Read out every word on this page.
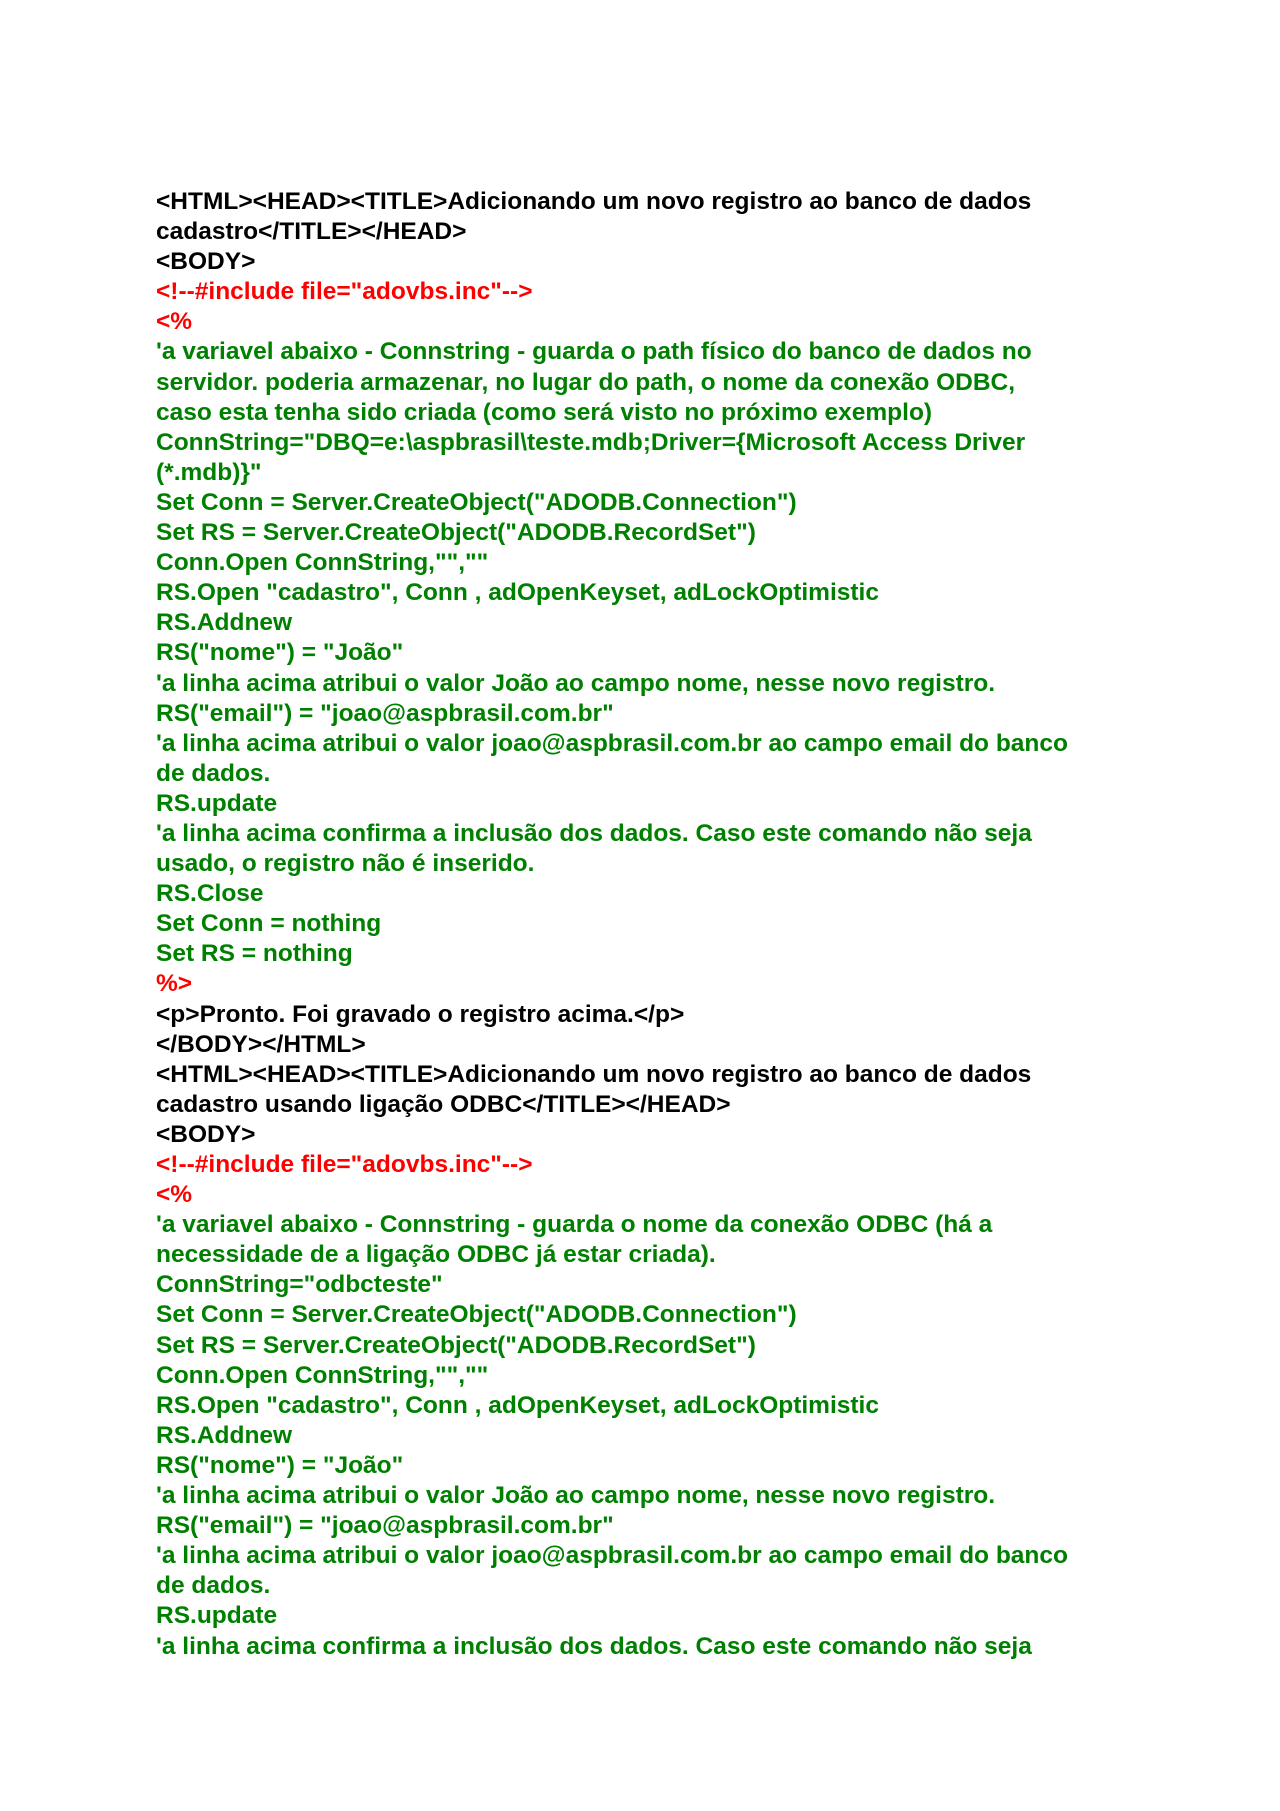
<HTML><HEAD><TITLE>Adicionando um novo registro ao banco de dados

cadastro</TITLE></HEAD>

<BODY>

<!--#include file="adovbs.inc"-->

<%

'a variavel abaixo - Connstring - guarda o path físico do banco de dados no

servidor. poderia armazenar, no lugar do path, o nome da conexão ODBC,

caso esta tenha sido criada (como será visto no próximo exemplo)

ConnString="DBQ=e:\aspbrasil\teste.mdb;Driver={Microsoft Access Driver

(*.mdb)}"

Set Conn = Server.CreateObject("ADODB.Connection")

Set RS = Server.CreateObject("ADODB.RecordSet")

Conn.Open ConnString,"",""

RS.Open "cadastro", Conn , adOpenKeyset, adLockOptimistic

RS.Addnew

RS("nome") = "João"

'a linha acima atribui o valor João ao campo nome, nesse novo registro.

RS("email") = "joao@aspbrasil.com.br"

'a linha acima atribui o valor joao@aspbrasil.com.br ao campo email do banco

de dados.

RS.update

'a linha acima confirma a inclusão dos dados. Caso este comando não seja

usado, o registro não é inserido.

RS.Close

Set Conn = nothing

Set RS = nothing

%>

<p>Pronto. Foi gravado o registro acima.</p>

</BODY></HTML>

<HTML><HEAD><TITLE>Adicionando um novo registro ao banco de dados

cadastro usando ligação ODBC</TITLE></HEAD>

<BODY>

<!--#include file="adovbs.inc"-->

<%

'a variavel abaixo - Connstring - guarda o nome da conexão ODBC (há a

necessidade de a ligação ODBC já estar criada).

ConnString="odbcteste"

Set Conn = Server.CreateObject("ADODB.Connection")

Set RS = Server.CreateObject("ADODB.RecordSet")

Conn.Open ConnString,"",""

RS.Open "cadastro", Conn , adOpenKeyset, adLockOptimistic

RS.Addnew

RS("nome") = "João"

'a linha acima atribui o valor João ao campo nome, nesse novo registro.

RS("email") = "joao@aspbrasil.com.br"

'a linha acima atribui o valor joao@aspbrasil.com.br ao campo email do banco

de dados.

RS.update

'a linha acima confirma a inclusão dos dados. Caso este comando não seja
